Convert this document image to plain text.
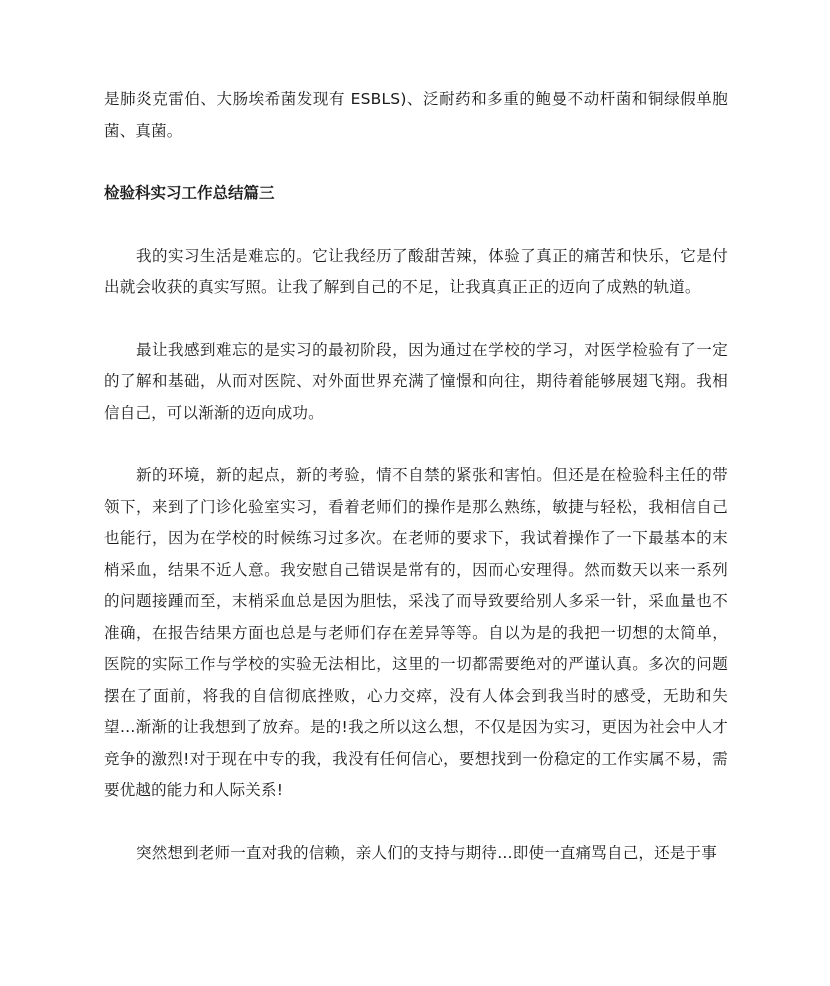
是肺炎克雷伯、大肠埃希菌发现有 ESBLS)、泛耐药和多重的鲍曼不动杆菌和铜绿假单胞菌、真菌。

检验科实习工作总结篇三

我的实习生活是难忘的。它让我经历了酸甜苦辣，体验了真正的痛苦和快乐，它是付出就会收获的真实写照。让我了解到自己的不足，让我真真正正的迈向了成熟的轨道。

最让我感到难忘的是实习的最初阶段，因为通过在学校的学习，对医学检验有了一定的了解和基础，从而对医院、对外面世界充满了憧憬和向往，期待着能够展翅飞翔。我相信自己，可以渐渐的迈向成功。

新的环境，新的起点，新的考验，情不自禁的紧张和害怕。但还是在检验科主任的带领下，来到了门诊化验室实习，看着老师们的操作是那么熟练，敏捷与轻松，我相信自己也能行，因为在学校的时候练习过多次。在老师的要求下，我试着操作了一下最基本的末梢采血，结果不近人意。我安慰自己错误是常有的，因而心安理得。然而数天以来一系列的问题接踵而至，末梢采血总是因为胆怯，采浅了而导致要给别人多采一针，采血量也不准确，在报告结果方面也总是与老师们存在差异等等。自以为是的我把一切想的太简单，医院的实际工作与学校的实验无法相比，这里的一切都需要绝对的严谨认真。多次的问题摆在了面前，将我的自信彻底挫败，心力交瘁，没有人体会到我当时的感受，无助和失望…渐渐的让我想到了放弃。是的!我之所以这么想，不仅是因为实习，更因为社会中人才竞争的激烈!对于现在中专的我，我没有任何信心，要想找到一份稳定的工作实属不易，需要优越的能力和人际关系!

突然想到老师一直对我的信赖，亲人们的支持与期待…即使一直痛骂自己，还是于事
